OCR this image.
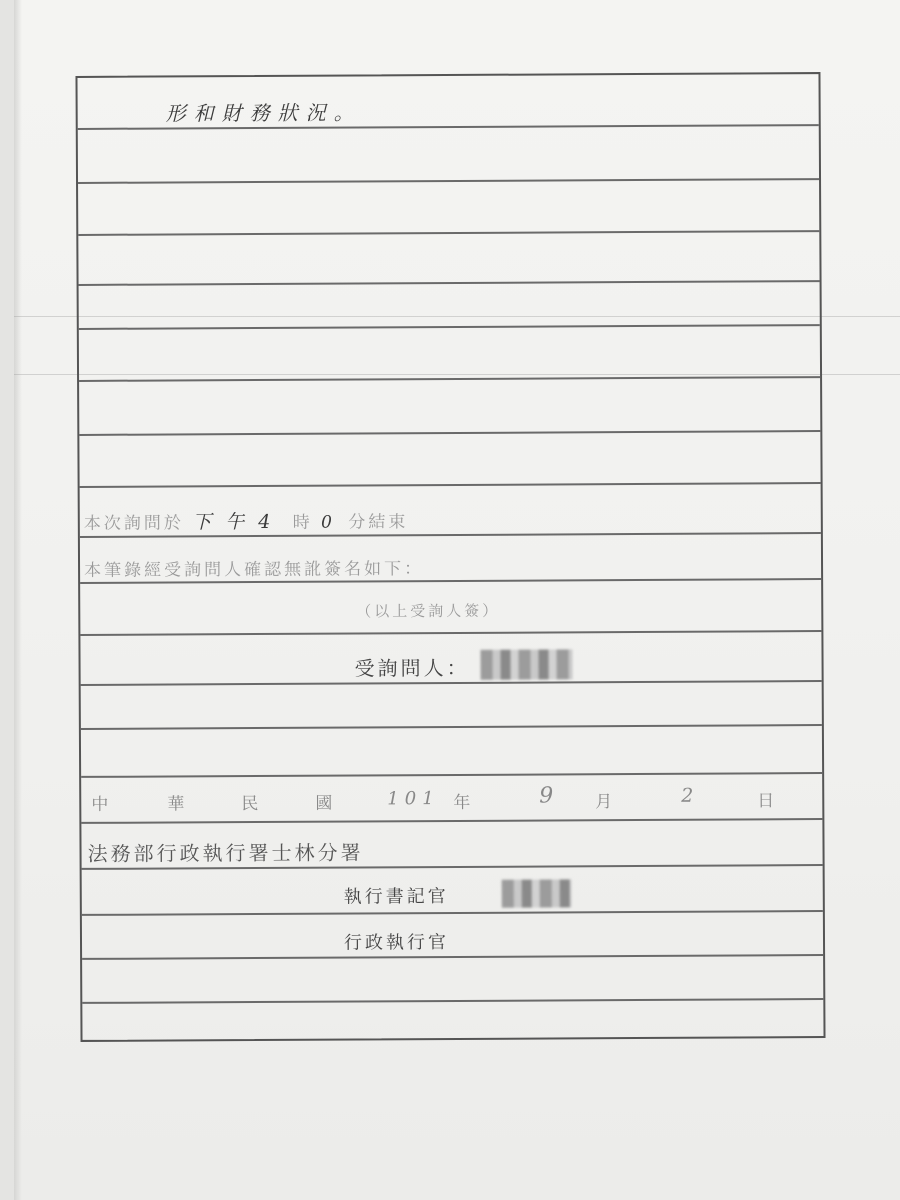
形和財務狀況。
本次詢問於 下午4 時 0 分結束
本筆錄經受詢問人確認無訛簽名如下：
（以上受詢人簽）
受詢問人：
中	華	民	國	101 年	9 月	2	日
法務部行政執行署士林分署
執行書記官
行政執行官
